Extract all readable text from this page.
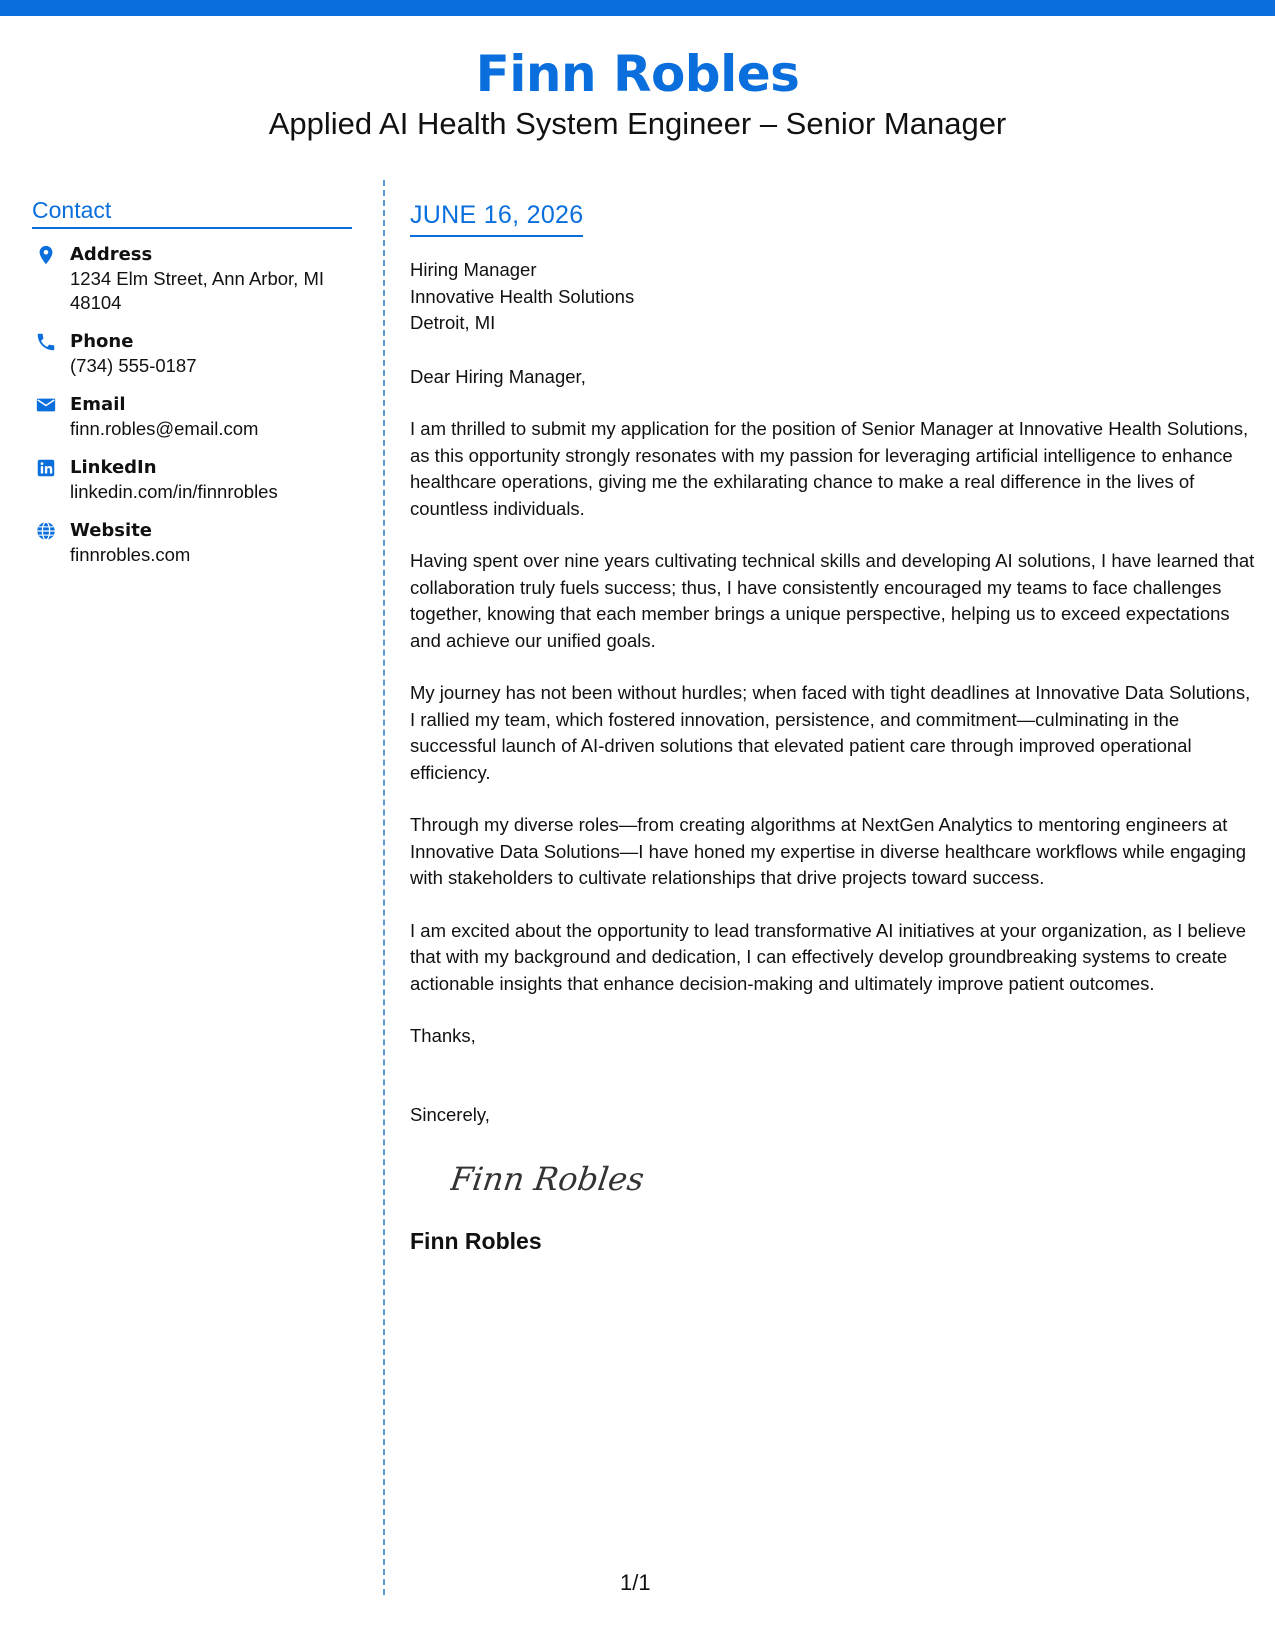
Finn Robles
Applied AI Health System Engineer – Senior Manager
Contact
Address
1234 Elm Street, Ann Arbor, MI 48104
Phone
(734) 555-0187
Email
finn.robles@email.com
LinkedIn
linkedin.com/in/finnrobles
Website
finnrobles.com
JUNE 16, 2026
Hiring Manager
Innovative Health Solutions
Detroit, MI
Dear Hiring Manager,
I am thrilled to submit my application for the position of Senior Manager at Innovative Health Solutions, as this opportunity strongly resonates with my passion for leveraging artificial intelligence to enhance healthcare operations, giving me the exhilarating chance to make a real difference in the lives of countless individuals.
Having spent over nine years cultivating technical skills and developing AI solutions, I have learned that collaboration truly fuels success; thus, I have consistently encouraged my teams to face challenges together, knowing that each member brings a unique perspective, helping us to exceed expectations and achieve our unified goals.
My journey has not been without hurdles; when faced with tight deadlines at Innovative Data Solutions, I rallied my team, which fostered innovation, persistence, and commitment—culminating in the successful launch of AI-driven solutions that elevated patient care through improved operational efficiency.
Through my diverse roles—from creating algorithms at NextGen Analytics to mentoring engineers at Innovative Data Solutions—I have honed my expertise in diverse healthcare workflows while engaging with stakeholders to cultivate relationships that drive projects toward success.
I am excited about the opportunity to lead transformative AI initiatives at your organization, as I believe that with my background and dedication, I can effectively develop groundbreaking systems to create actionable insights that enhance decision-making and ultimately improve patient outcomes.
Thanks,
Sincerely,
Finn Robles
Finn Robles
1/1
